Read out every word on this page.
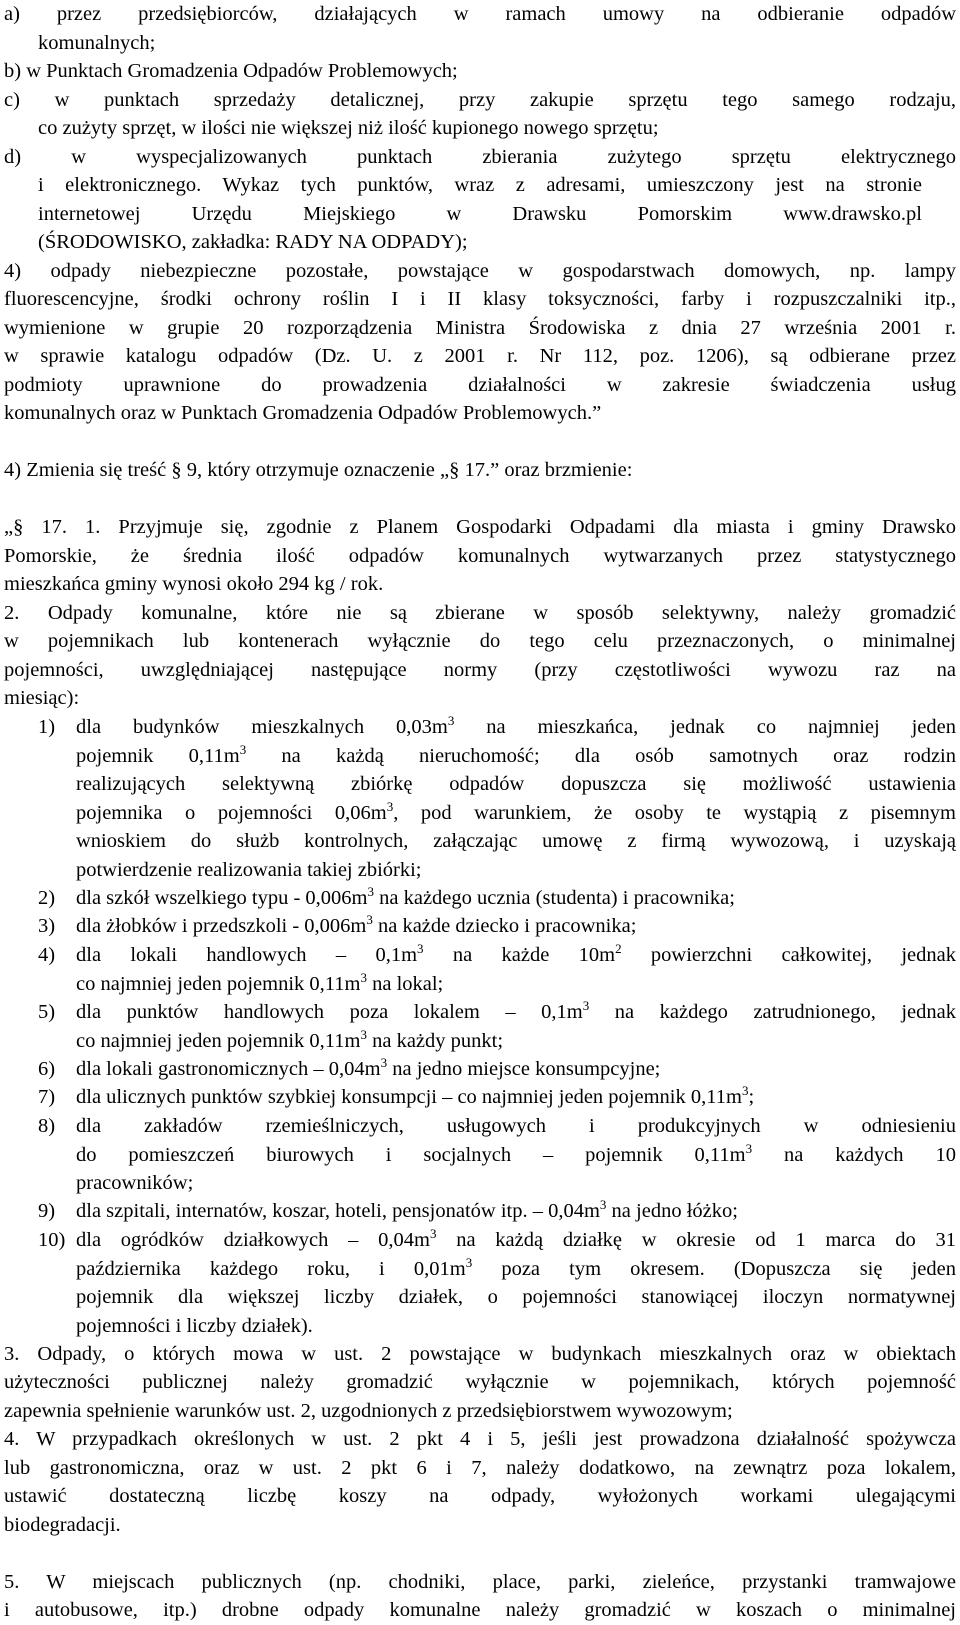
a) przez przedsiębiorców, działających w ramach umowy na odbieranie odpadów
komunalnych;
b) w Punktach Gromadzenia Odpadów Problemowych;
c) w punktach sprzedaży detalicznej, przy zakupie sprzętu tego samego rodzaju,
co zużyty sprzęt, w ilości nie większej niż ilość kupionego nowego sprzętu;
d) w wyspecjalizowanych punktach zbierania zużytego sprzętu elektrycznego
i elektronicznego. Wykaz tych punktów, wraz z adresami, umieszczony jest na stronie
internetowej Urzędu Miejskiego w Drawsku Pomorskim www.drawsko.pl
(ŚRODOWISKO, zakładka: RADY NA ODPADY);
4) odpady niebezpieczne pozostałe, powstające w gospodarstwach domowych, np. lampy
fluorescencyjne, środki ochrony roślin I i II klasy toksyczności, farby i rozpuszczalniki itp.,
wymienione w grupie 20 rozporządzenia Ministra Środowiska z dnia 27 września 2001 r.
w sprawie katalogu odpadów (Dz. U. z 2001 r. Nr 112, poz. 1206), są odbierane przez
podmioty uprawnione do prowadzenia działalności w zakresie świadczenia usług
komunalnych oraz w Punktach Gromadzenia Odpadów Problemowych.”
4) Zmienia się treść § 9, który otrzymuje oznaczenie „§ 17.” oraz brzmienie:
„§ 17. 1. Przyjmuje się, zgodnie z Planem Gospodarki Odpadami dla miasta i gminy Drawsko
Pomorskie, że średnia ilość odpadów komunalnych wytwarzanych przez statystycznego
mieszkańca gminy wynosi około 294 kg / rok.
2. Odpady komunalne, które nie są zbierane w sposób selektywny, należy gromadzić
w pojemnikach lub kontenerach wyłącznie do tego celu przeznaczonych, o minimalnej
pojemności, uwzględniającej następujące normy (przy częstotliwości wywozu raz na
miesiąc):
1) dla budynków mieszkalnych $0,03m^3$ na mieszkańca, jednak co najmniej jeden
pojemnik $0,11m^3$ na każdą nieruchomość; dla osób samotnych oraz rodzin
realizujących selektywną zbiórkę odpadów dopuszcza się możliwość ustawienia
pojemnika o pojemności $0,06m^3$, pod warunkiem, że osoby te wystąpią z pisemnym
wnioskiem do służb kontrolnych, załączając umowę z firmą wywozową, i uzyskają
potwierdzenie realizowania takiej zbiórki;
2) dla szkół wszelkiego typu - $0,006m^3$ na każdego ucznia (studenta) i pracownika;
3) dla żłobków i przedszkoli - $0,006m^3$ na każde dziecko i pracownika;
4) dla lokali handlowych – $0,1m^3$ na każde $10m^2$ powierzchni całkowitej, jednak
co najmniej jeden pojemnik $0,11m^3$ na lokal;
5) dla punktów handlowych poza lokalem – $0,1m^3$ na każdego zatrudnionego, jednak
co najmniej jeden pojemnik $0,11m^3$ na każdy punkt;
6) dla lokali gastronomicznych – $0,04m^3$ na jedno miejsce konsumpcyjne;
7) dla ulicznych punktów szybkiej konsumpcji – co najmniej jeden pojemnik $0,11m^3$;
8) dla zakładów rzemieślniczych, usługowych i produkcyjnych w odniesieniu
do pomieszczeń biurowych i socjalnych – pojemnik $0,11m^3$ na każdych 10
pracowników;
9) dla szpitali, internatów, koszar, hoteli, pensjonatów itp. – $0,04m^3$ na jedno łóżko;
10) dla ogródków działkowych – $0,04m^3$ na każdą działkę w okresie od 1 marca do 31
października każdego roku, i $0,01m^3$ poza tym okresem. (Dopuszcza się jeden
pojemnik dla większej liczby działek, o pojemności stanowiącej iloczyn normatywnej
pojemności i liczby działek).
3. Odpady, o których mowa w ust. 2 powstające w budynkach mieszkalnych oraz w obiektach
użyteczności publicznej należy gromadzić wyłącznie w pojemnikach, których pojemność
zapewnia spełnienie warunków ust. 2, uzgodnionych z przedsiębiorstwem wywozowym;
4. W przypadkach określonych w ust. 2 pkt 4 i 5, jeśli jest prowadzona działalność spożywcza
lub gastronomiczna, oraz w ust. 2 pkt 6 i 7, należy dodatkowo, na zewnątrz poza lokalem,
ustawić dostateczną liczbę koszy na odpady, wyłożonych workami ulegającymi
biodegradacji.
5. W miejscach publicznych (np. chodniki, place, parki, zieleńce, przystanki tramwajowe
i autobusowe, itp.) drobne odpady komunalne należy gromadzić w koszach o minimalnej
